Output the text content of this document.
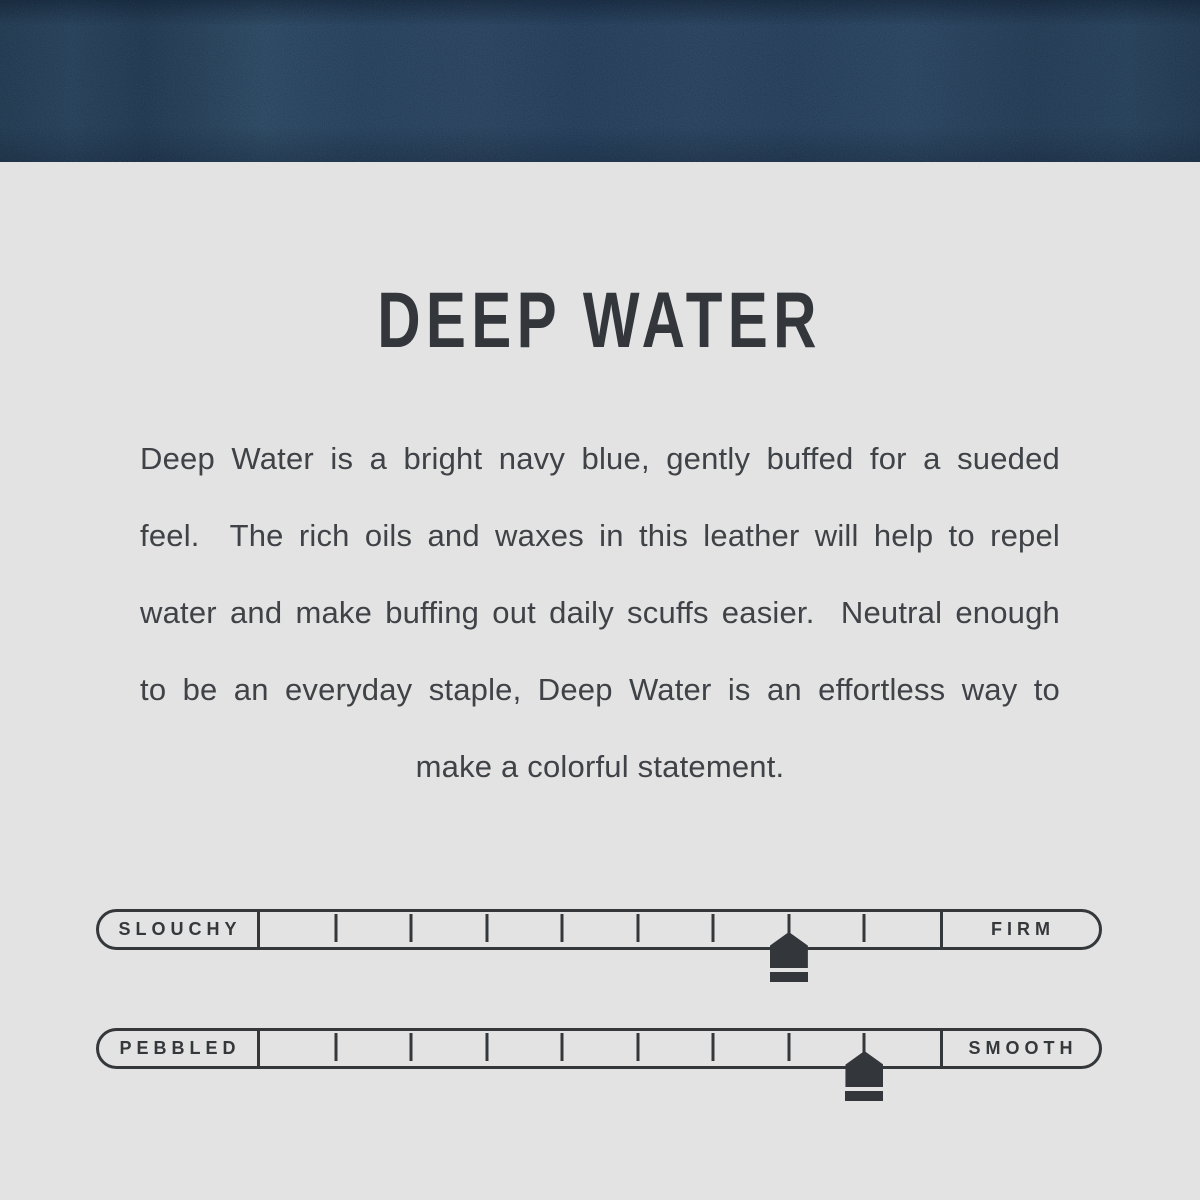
DEEP WATER
Deep Water is a bright navy blue, gently buffed for a sueded
feel.  The rich oils and waxes in this leather will help to repel
water and make buffing out daily scuffs easier.  Neutral enough
to be an everyday staple, Deep Water is an effortless way to
make a colorful statement.
SLOUCHY	FIRM
PEBBLED	SMOOTH
